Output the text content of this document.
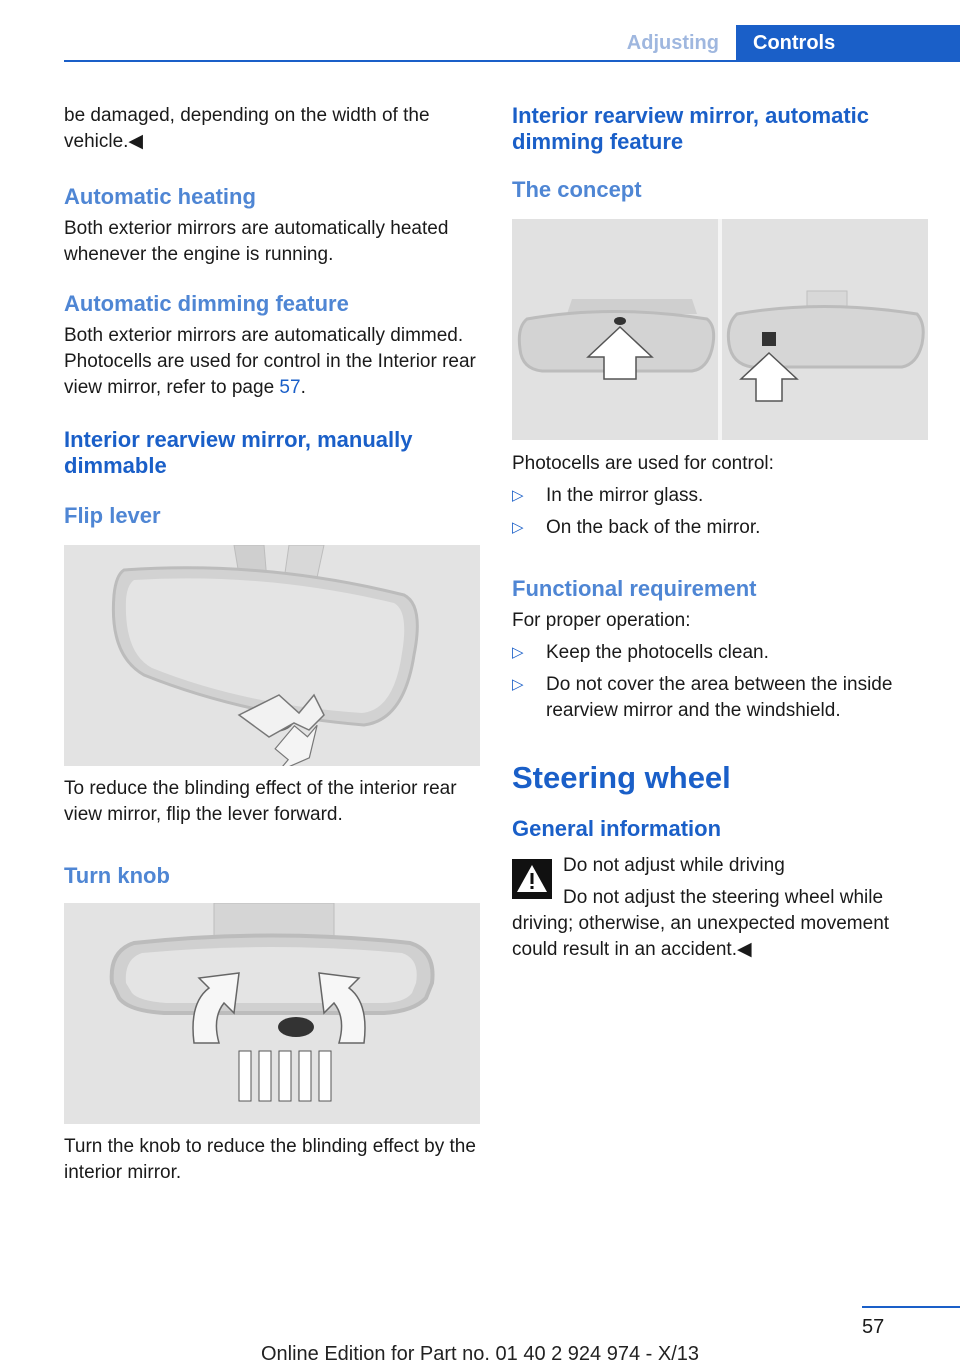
Adjusting	Controls

be damaged, depending on the width of the vehicle.◀

Automatic heating

Both exterior mirrors are automatically heated whenever the engine is running.

Automatic dimming feature

Both exterior mirrors are automatically dimmed. Photocells are used for control in the Interior rear view mirror, refer to page 57.

Interior rearview mirror, manually dimmable
Flip lever

To reduce the blinding effect of the interior rear view mirror, flip the lever forward.

Turn knob

Turn the knob to reduce the blinding effect by the interior mirror.

Interior rearview mirror, automatic dimming feature
The concept

Photocells are used for control:

▷ In the mirror glass.
▷ On the back of the mirror.
Functional requirement

For proper operation:

▷ Keep the photocells clean.
▷ Do not cover the area between the inside rearview mirror and the windshield.
Steering wheel
General information

Do not adjust while driving

Do not adjust the steering wheel while

driving; otherwise, an unexpected movement could result in an accident.◀

57
Online Edition for Part no. 01 40 2 924 974 - X/13
